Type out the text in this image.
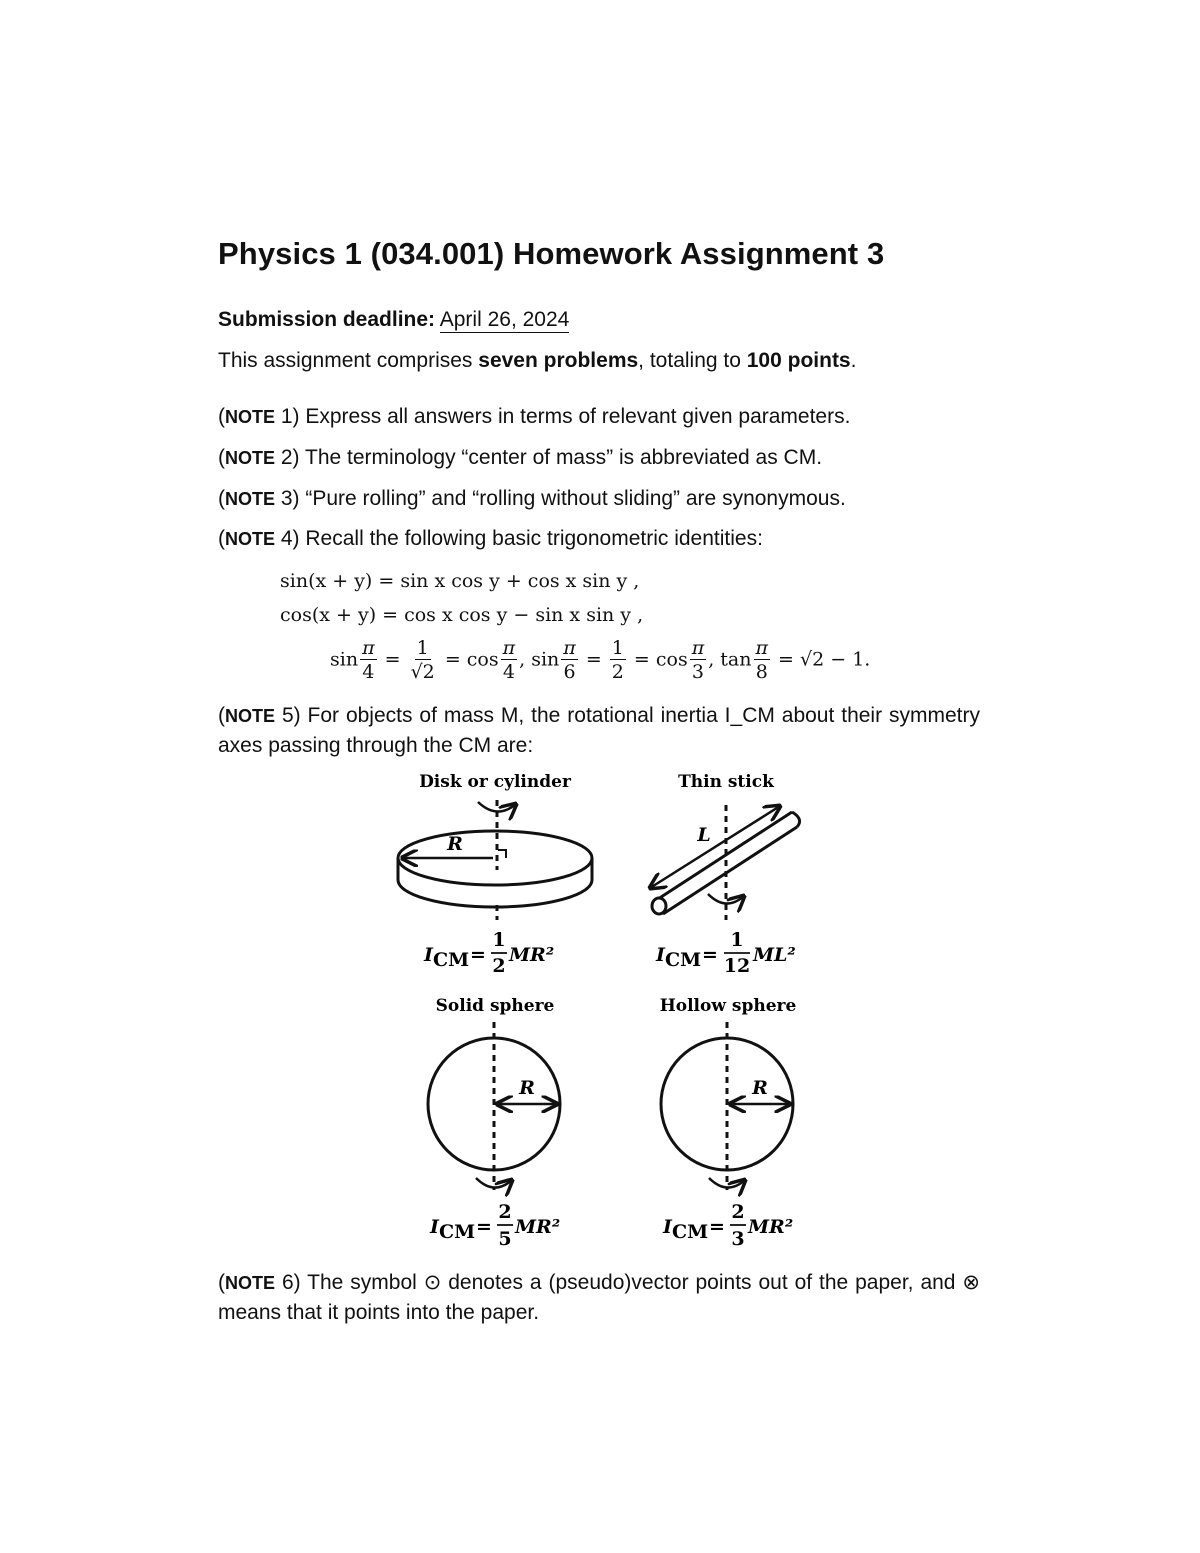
Physics 1 (034.001) Homework Assignment 3
Submission deadline: April 26, 2024
This assignment comprises seven problems, totaling to 100 points.
(NOTE 1) Express all answers in terms of relevant given parameters.
(NOTE 2) The terminology “center of mass” is abbreviated as CM.
(NOTE 3) “Pure rolling” and “rolling without sliding” are synonymous.
(NOTE 4) Recall the following basic trigonometric identities:
sin(x + y) = sin x cos y + cos x sin y ,
cos(x + y) = cos x cos y − sin x sin y ,
$\sin \frac{\pi}{4} = \frac{1}{√2} = \cos \frac{\pi}{4}$ , $\sin \frac{\pi}{6} = \frac{1}{2} = \cos \frac{\pi}{3}$ , $\tan \frac{\pi}{8} = √2 - 1$.
(NOTE 5) For objects of mass M, the rotational inertia I_CM about their symmetry axes passing through the CM are:
(NOTE 6) The symbol ⊙ denotes a (pseudo)vector points out of the paper, and ⊗ means that it points into the paper.
Disk or cylinder
R
Thin stick
L
I CM =
1
2 MR²	I CM =
1
12 ML²
Solid sphere
R
Hollow sphere
R
I CM =
2
5
MR²	I CM =
2
3
MR²
